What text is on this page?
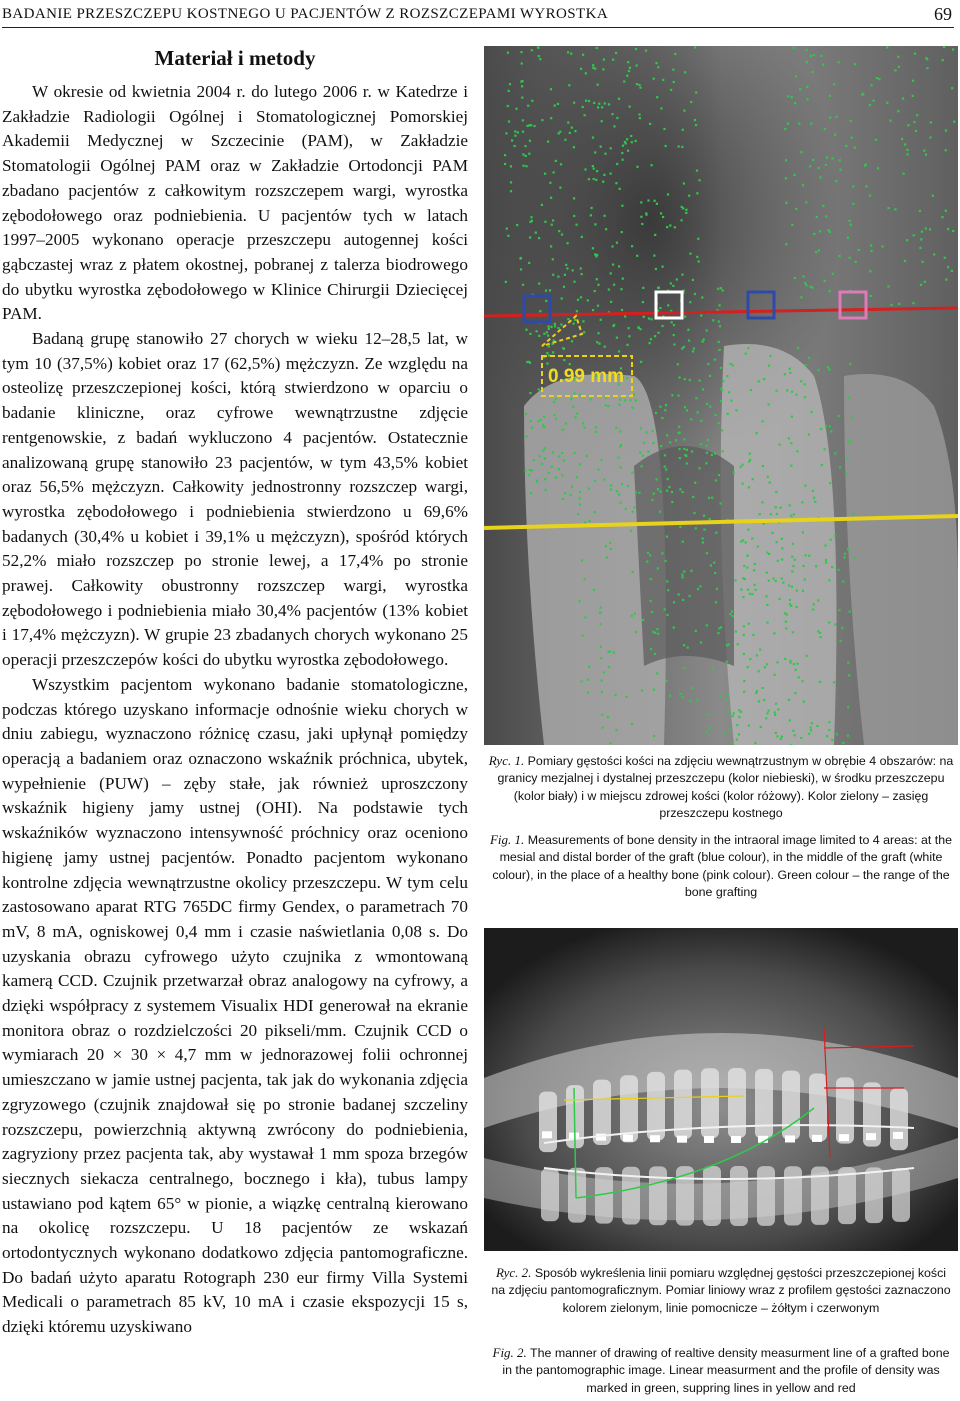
BADANIE PRZESZCZEPU KOSTNEGO U PACJENTÓW Z ROZSZCZEPAMI WYROSTKA	69
Materiał i metody

W okresie od kwietnia 2004 r. do lutego 2006 r. w Katedrze i Zakładzie Radiologii Ogólnej i Stomatologicznej Pomorskiej Akademii Medycznej w Szczecinie (PAM), w Zakładzie Stomatologii Ogólnej PAM oraz w Zakładzie Ortodoncji PAM zbadano pacjentów z całkowitym rozszczepem wargi, wyrostka zębodołowego oraz podniebienia. U pacjentów tych w latach 1997–2005 wykonano operacje przeszczepu autogennej kości gąbczastej wraz z płatem okostnej, pobranej z talerza biodrowego do ubytku wyrostka zębodołowego w Klinice Chirurgii Dziecięcej PAM.

Badaną grupę stanowiło 27 chorych w wieku 12–28,5 lat, w tym 10 (37,5%) kobiet oraz 17 (62,5%) mężczyzn. Ze względu na osteolizę przeszczepionej kości, którą stwierdzono w oparciu o badanie kliniczne, oraz cyfrowe wewnątrzustne zdjęcie rentgenowskie, z badań wykluczono 4 pacjentów. Ostatecznie analizowaną grupę stanowiło 23 pacjentów, w tym 43,5% kobiet oraz 56,5% mężczyzn. Całkowity jednostronny rozszczep wargi, wyrostka zębodołowego i podniebienia stwierdzono u 69,6% badanych (30,4% u kobiet i 39,1% u mężczyzn), spośród których 52,2% miało rozszczep po stronie lewej, a 17,4% po stronie prawej. Całkowity obustronny rozszczep wargi, wyrostka zębodołowego i podniebienia miało 30,4% pacjentów (13% kobiet i 17,4% mężczyzn). W grupie 23 zbadanych chorych wykonano 25 operacji przeszczepów kości do ubytku wyrostka zębodołowego.

Wszystkim pacjentom wykonano badanie stomatologiczne, podczas którego uzyskano informacje odnośnie wieku chorych w dniu zabiegu, wyznaczono różnicę czasu, jaki upłynął pomiędzy operacją a badaniem oraz oznaczono wskaźnik próchnica, ubytek, wypełnienie (PUW) – zęby stałe, jak również uproszczony wskaźnik higieny jamy ustnej (OHI). Na podstawie tych wskaźników wyznaczono intensywność próchnicy oraz oceniono higienę jamy ustnej pacjentów. Ponadto pacjentom wykonano kontrolne zdjęcia wewnątrzustne okolicy przeszczepu. W tym celu zastosowano aparat RTG 765DC firmy Gendex, o parametrach 70 mV, 8 mA, ogniskowej 0,4 mm i czasie naświetlania 0,08 s. Do uzyskania obrazu cyfrowego użyto czujnika z wmontowaną kamerą CCD. Czujnik przetwarzał obraz analogowy na cyfrowy, a dzięki współpracy z systemem Visualix HDI generował na ekranie monitora obraz o rozdzielczości 20 pikseli/mm. Czujnik CCD o wymiarach 20 × 30 × 4,7 mm w jednorazowej folii ochronnej umieszczano w jamie ustnej pacjenta, tak jak do wykonania zdjęcia zgryzowego (czujnik znajdował się po stronie badanej szczeliny rozszczepu, powierzchnią aktywną zwrócony do podniebienia, zagryziony przez pacjenta tak, aby wystawał 1 mm spoza brzegów siecznych siekacza centralnego, bocznego i kła), tubus lampy ustawiano pod kątem 65° w pionie, a wiązkę centralną kierowano na okolicę rozszczepu. U 18 pacjentów ze wskazań ortodontycznych wykonano dodatkowo zdjęcia pantomograficzne. Do badań użyto aparatu Rotograph 230 eur firmy Villa Systemi Medicali o parametrach 85 kV, 10 mA i czasie ekspozycji 15 s, dzięki któremu uzyskiwano

0.99 mm

Ryc. 1. Pomiary gęstości kości na zdjęciu wewnątrzustnym w obrębie 4 obszarów: na granicy mezjalnej i dystalnej przeszczepu (kolor niebieski), w środku przeszczepu (kolor biały) i w miejscu zdrowej kości (kolor różowy). Kolor zielony – zasięg przeszczepu kostnego

Fig. 1. Measurements of bone density in the intraoral image limited to 4 areas: at the mesial and distal border of the graft (blue colour), in the middle of the graft (white colour), in the place of a healthy bone (pink colour). Green colour – the range of the bone grafting

Ryc. 2. Sposób wykreślenia linii pomiaru względnej gęstości przeszczepionej kości na zdjęciu pantomograficznym. Pomiar liniowy wraz z profilem gęstości zaznaczono kolorem zielonym, linie pomocnicze – żółtym i czerwonym

Fig. 2. The manner of drawing of realtive density measurment line of a grafted bone in the pantomographic image. Linear measurment and the profile of density was marked in green, suppring lines in yellow and red
